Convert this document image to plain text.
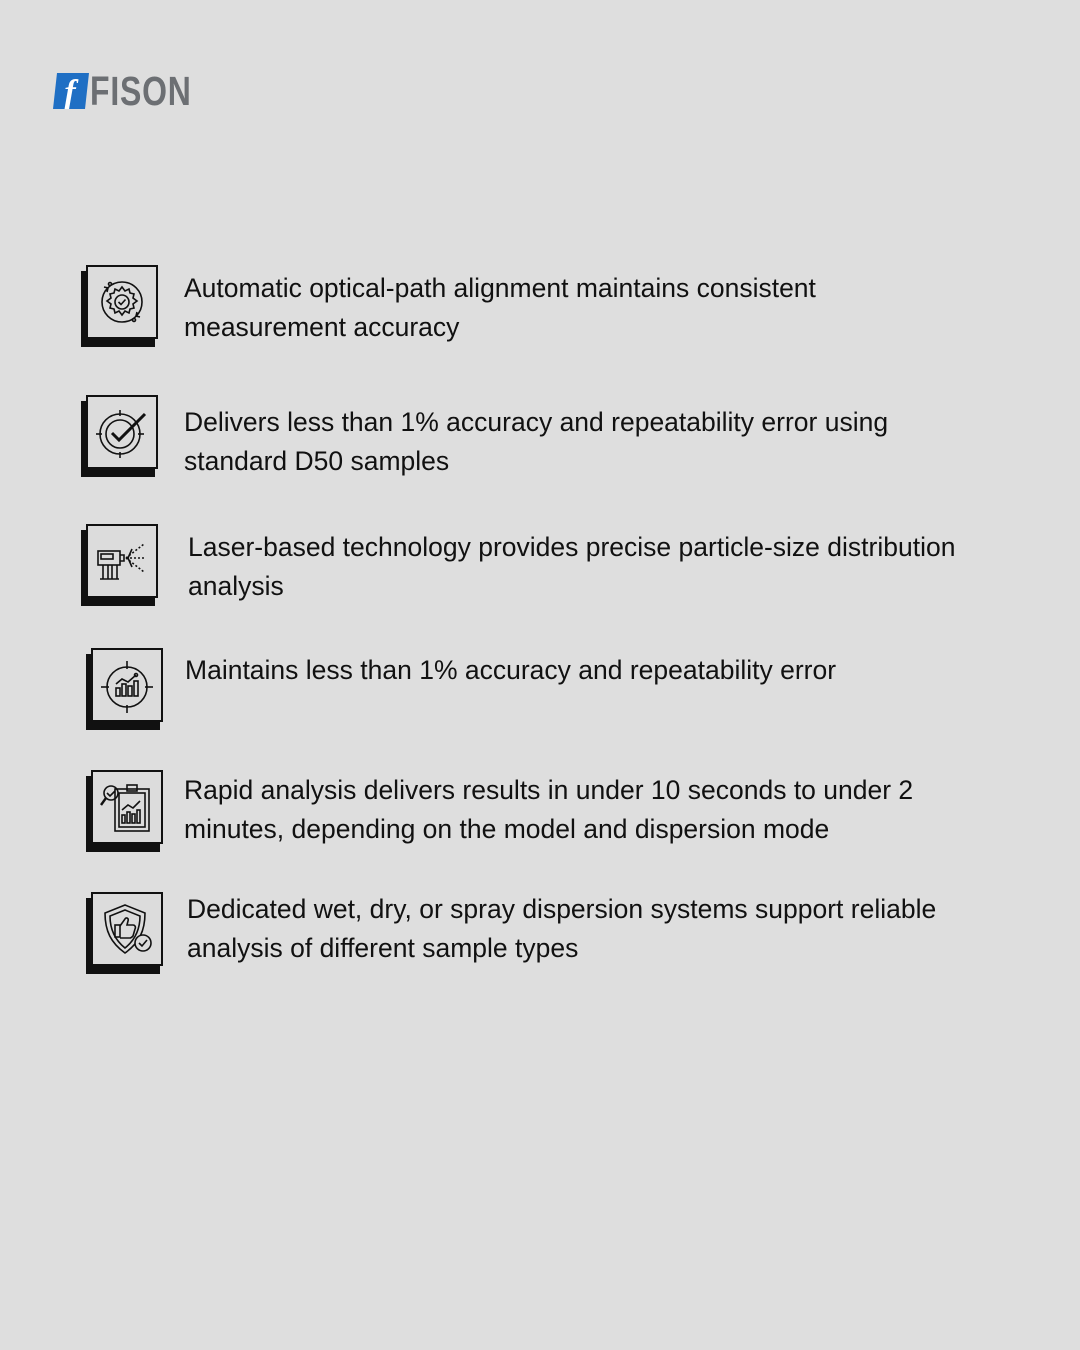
f FISON
Automatic optical-path alignment maintains consistent measurement accuracy
Delivers less than 1% accuracy and repeatability error using standard D50 samples
Laser-based technology provides precise particle-size distribution analysis
Maintains less than 1% accuracy and repeatability error
Rapid analysis delivers results in under 10 seconds to under 2 minutes, depending on the model and dispersion mode
Dedicated wet, dry, or spray dispersion systems support reliable analysis of different sample types
